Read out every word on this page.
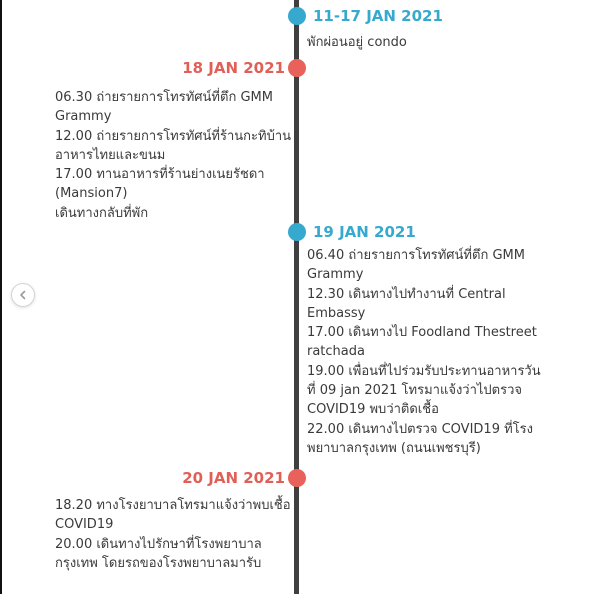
11-17 JAN 2021
พักผ่อนอยู่ condo
18 JAN 2021
06.30 ถ่ายรายการโทรทัศน์ที่ตึก GMM
Grammy
12.00 ถ่ายรายการโทรทัศน์ที่ร้านกะทิบ้าน
อาหารไทยและขนม
17.00 ทานอาหารที่ร้านย่างเนยรัชดา
(Mansion7)
เดินทางกลับที่พัก
19 JAN 2021
06.40 ถ่ายรายการโทรทัศน์ที่ตึก GMM
Grammy
12.30 เดินทางไปทำงานที่ Central
Embassy
17.00 เดินทางไป Foodland Thestreet
ratchada
19.00 เพื่อนที่ไปร่วมรับประทานอาหารวัน
ที่ 09 jan 2021 โทรมาแจ้งว่าไปตรวจ
COVID19 พบว่าติดเชื้อ
22.00 เดินทางไปตรวจ COVID19 ที่โรง
พยาบาลกรุงเทพ (ถนนเพชรบุรี)
20 JAN 2021
18.20 ทางโรงยาบาลโทรมาแจ้งว่าพบเชื้อ
COVID19
20.00 เดินทางไปรักษาที่โรงพยาบาล
กรุงเทพ โดยรถของโรงพยาบาลมารับ
